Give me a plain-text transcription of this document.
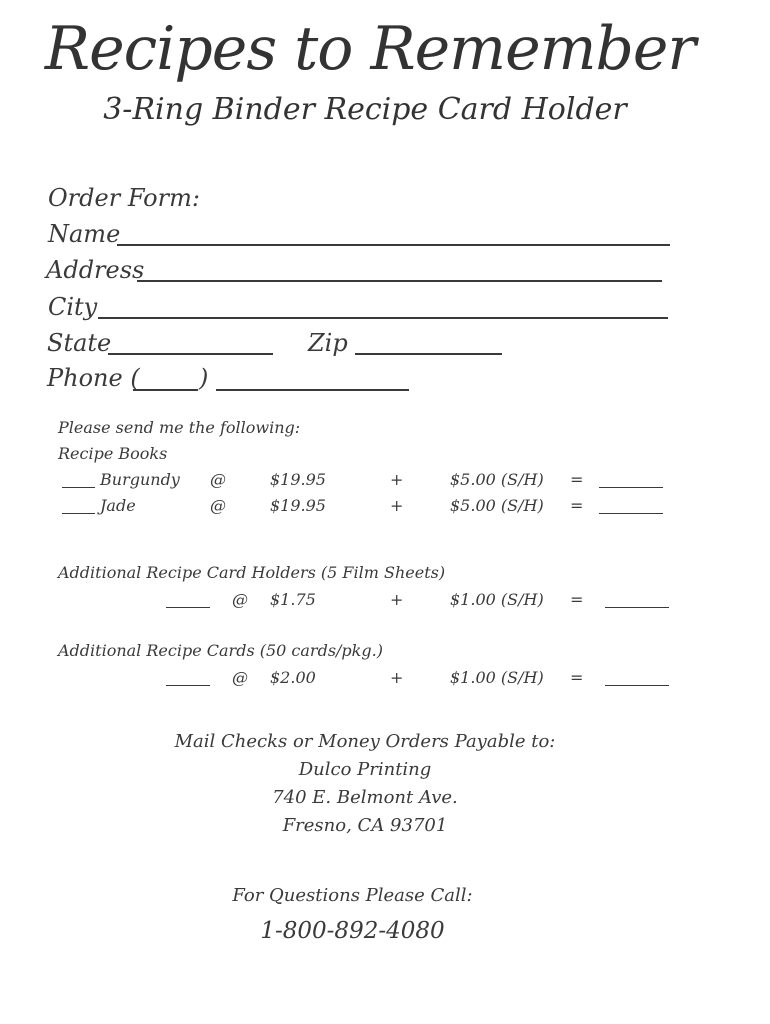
Recipes to Remember
3-Ring Binder Recipe Card Holder
Order Form:
Name
Address
City
State	Zip
Phone ( )
Please send me the following:
Recipe Books
Burgundy @	$19.95	+	$5.00 (S/H) =
Jade	@	$19.95	+	$5.00 (S/H) =
Additional Recipe Card Holders (5 Film Sheets)
@ $1.75	+	$1.00 (S/H) =
Additional Recipe Cards (50 cards/pkg.)
@ $2.00	+	$1.00 (S/H) =
Mail Checks or Money Orders Payable to:
Dulco Printing
740 E. Belmont Ave.
Fresno, CA 93701
For Questions Please Call:
1-800-892-4080
